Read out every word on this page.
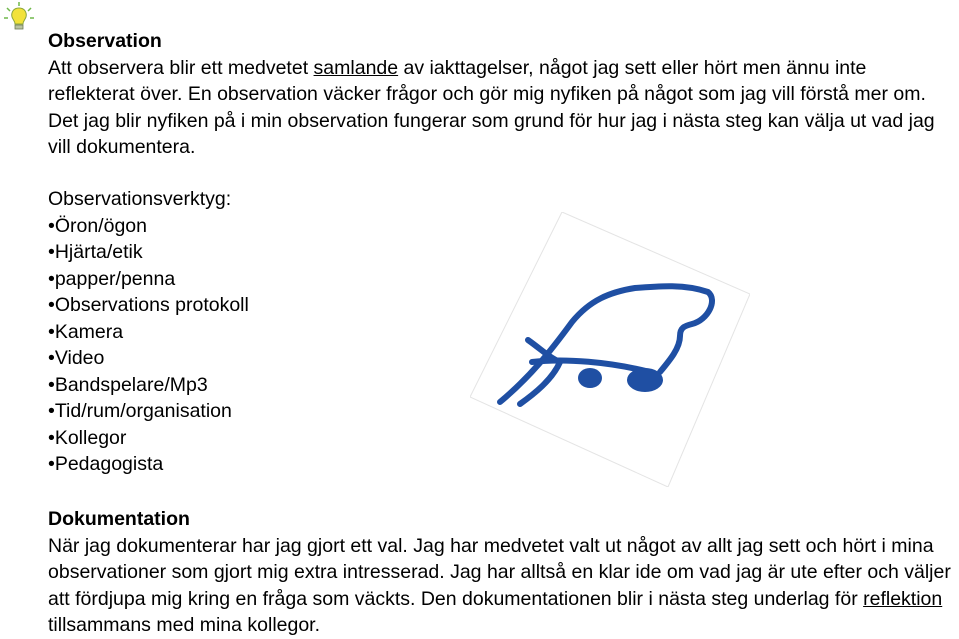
Observation
Att observera blir ett medvetet samlande av iakttagelser, något jag sett eller hört men ännu inte reflekterat över. En observation väcker frågor och gör mig nyfiken på något som jag vill förstå mer om. Det jag blir nyfiken på i min observation fungerar som grund för hur jag i nästa steg kan välja ut vad jag vill dokumentera.
Observationsverktyg:
• Öron/ögon
• Hjärta/etik
• papper/penna
• Observations protokoll
• Kamera
• Video
• Bandspelare/Mp3
• Tid/rum/organisation
• Kollegor
• Pedagogista
Dokumentation
När jag dokumenterar har jag gjort ett val. Jag har medvetet valt ut något av allt jag sett och hört i mina observationer som gjort mig extra intresserad. Jag har alltså en klar ide om vad jag är ute efter och väljer att fördjupa mig kring en fråga som väckts. Den dokumentationen blir i nästa steg underlag för reflektion tillsammans med mina kollegor.
